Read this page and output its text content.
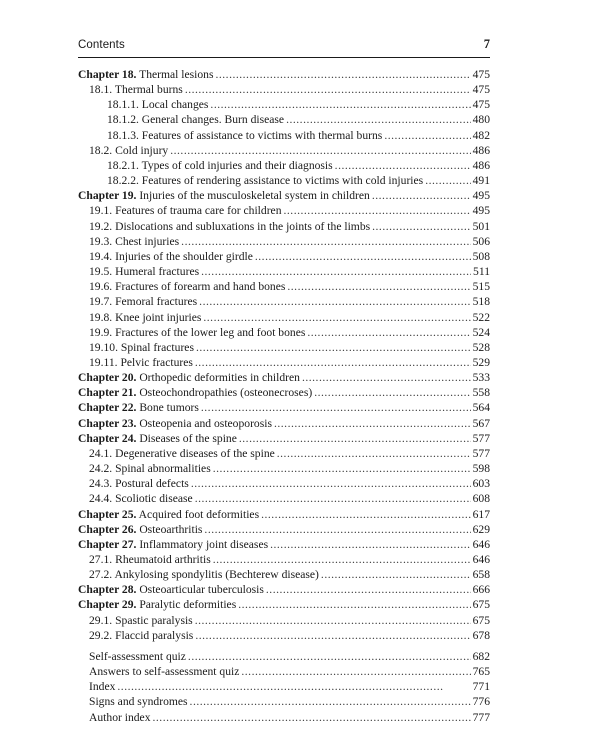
Contents	7
Chapter 18. Thermal lesions . . .	475
18.1. Thermal burns . . .	475
18.1.1. Local changes . . .	475
18.1.2. General changes. Burn disease . . .	480
18.1.3. Features of assistance to victims with thermal burns . . .	482
18.2. Cold injury . . .	486
18.2.1. Types of cold injuries and their diagnosis . . .	486
18.2.2. Features of rendering assistance to victims with cold injuries . . .	491
Chapter 19. Injuries of the musculoskeletal system in children . . .	495
19.1. Features of trauma care for children . . .	495
19.2. Dislocations and subluxations in the joints of the limbs . . .	501
19.3. Chest injuries . . .	506
19.4. Injuries of the shoulder girdle . . .	508
19.5. Humeral fractures . . .	511
19.6. Fractures of forearm and hand bones . . .	515
19.7. Femoral fractures . . .	518
19.8. Knee joint injuries . . .	522
19.9. Fractures of the lower leg and foot bones . . .	524
19.10. Spinal fractures . . .	528
19.11. Pelvic fractures . . .	529
Chapter 20. Orthopedic deformities in children . . .	533
Chapter 21. Osteochondropathies (osteonecroses) . . .	558
Chapter 22. Bone tumors . . .	564
Chapter 23. Osteopenia and osteoporosis . . .	567
Chapter 24. Diseases of the spine . . .	577
24.1. Degenerative diseases of the spine . . .	577
24.2. Spinal abnormalities . . .	598
24.3. Postural defects . . .	603
24.4. Scoliotic disease . . .	608
Chapter 25. Acquired foot deformities . . .	617
Chapter 26. Osteoarthritis . . .	629
Chapter 27. Inflammatory joint diseases . . .	646
27.1. Rheumatoid arthritis . . .	646
27.2. Ankylosing spondylitis (Bechterew disease) . . .	658
Chapter 28. Osteoarticular tuberculosis . . .	666
Chapter 29. Paralytic deformities . . .	675
29.1. Spastic paralysis . . .	675
29.2. Flaccid paralysis . . .	678
Self-assessment quiz . . .	682
Answers to self-assessment quiz . . .	765
Index . . .	771
Signs and syndromes . . .	776
Author index . . .	777
